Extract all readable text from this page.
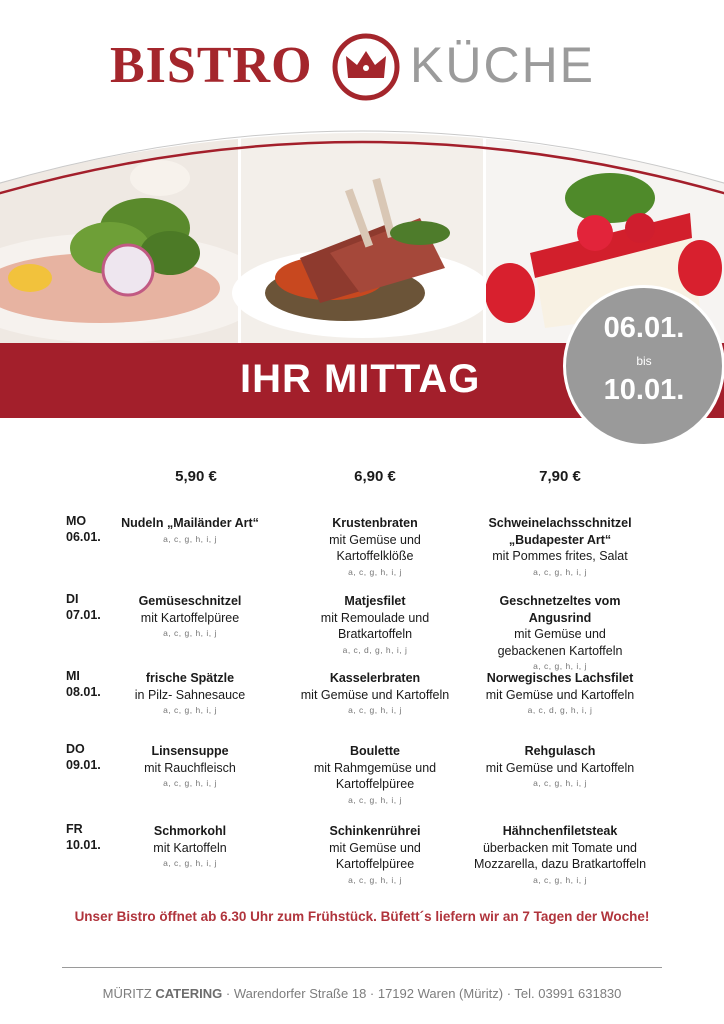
BISTRO KÜCHE
IHR MITTAG
06.01.
bis
10.01.
5,90 €	6,90 €	7,90 €
MO
06.01.
Nudeln „Mailänder Art“
a, c, g, h, i, j
Krustenbraten
mit Gemüse und
Kartoffelklöße
a, c, g, h, i, j
Schweinelachsschnitzel
„Budapester Art“
mit Pommes frites, Salat
a, c, g, h, i, j
DI
07.01.
Gemüseschnitzel
mit Kartoffelpüree
a, c, g, h, i, j
Matjesfilet
mit Remoulade und
Bratkartoffeln
a, c, d, g, h, i, j
Geschnetzeltes vom Angusrind
mit Gemüse und
gebackenen Kartoffeln
a, c, g, h, i, j
MI
08.01.
frische Spätzle
in Pilz- Sahnesauce
a, c, g, h, i, j
Kasselerbraten
mit Gemüse und Kartoffeln
a, c, g, h, i, j
Norwegisches Lachsfilet
mit Gemüse und Kartoffeln
a, c, d, g, h, i, j
DO
09.01.
Linsensuppe
mit Rauchfleisch
a, c, g, h, i, j
Boulette
mit Rahmgemüse und
Kartoffelpüree
a, c, g, h, i, j
Rehgulasch
mit Gemüse und Kartoffeln
a, c, g, h, i, j
FR
10.01.
Schmorkohl
mit Kartoffeln
a, c, g, h, i, j
Schinkenrührei
mit Gemüse und
Kartoffelpüree
a, c, g, h, i, j
Hähnchenfiletsteak
überbacken mit Tomate und
Mozzarella, dazu Bratkartoffeln
a, c, g, h, i, j
Unser Bistro öffnet ab 6.30 Uhr zum Frühstück. Büfett´s liefern wir an 7 Tagen der Woche!
MÜRITZ CATERING · Warendorfer Straße 18 · 17192 Waren (Müritz) · Tel. 03991 631830
